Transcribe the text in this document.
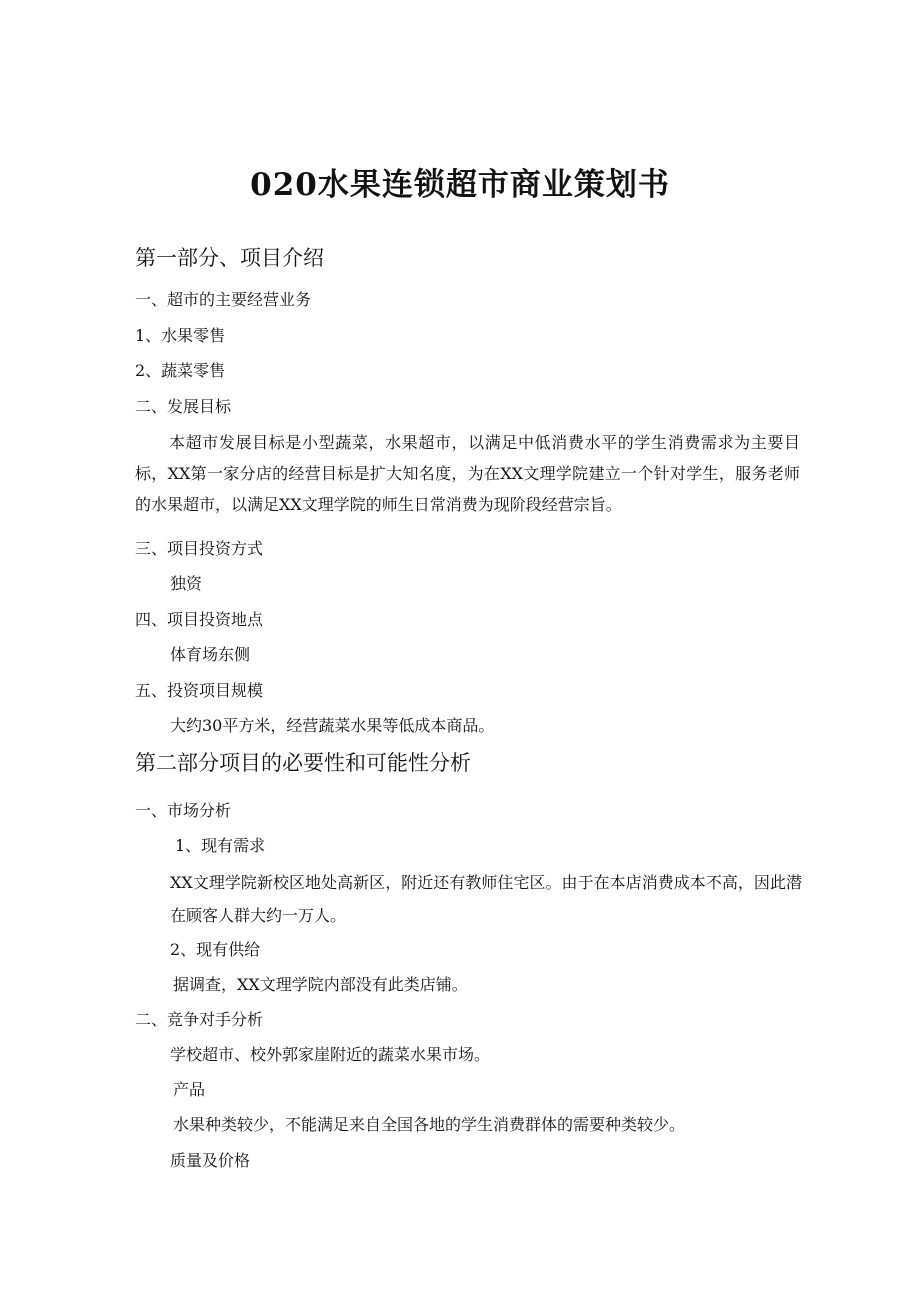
020水果连锁超市商业策划书
第一部分、项目介绍
一、超市的主要经营业务
1、水果零售
2、蔬菜零售
二、发展目标
本超市发展目标是小型蔬菜，水果超市，以满足中低消费水平的学生消费需求为主要目标，XX第一家分店的经营目标是扩大知名度，为在XX文理学院建立一个针对学生，服务老师的水果超市，以满足XX文理学院的师生日常消费为现阶段经营宗旨。
三、项目投资方式
独资
四、项目投资地点
体育场东侧
五、投资项目规模
大约30平方米，经营蔬菜水果等低成本商品。
第二部分项目的必要性和可能性分析
一、市场分析
1、现有需求
XX文理学院新校区地处高新区，附近还有教师住宅区。由于在本店消费成本不高，因此潜在顾客人群大约一万人。
2、现有供给
据调查，XX文理学院内部没有此类店铺。
二、竞争对手分析
学校超市、校外郭家崖附近的蔬菜水果市场。
产品
水果种类较少，不能满足来自全国各地的学生消费群体的需要种类较少。
质量及价格
